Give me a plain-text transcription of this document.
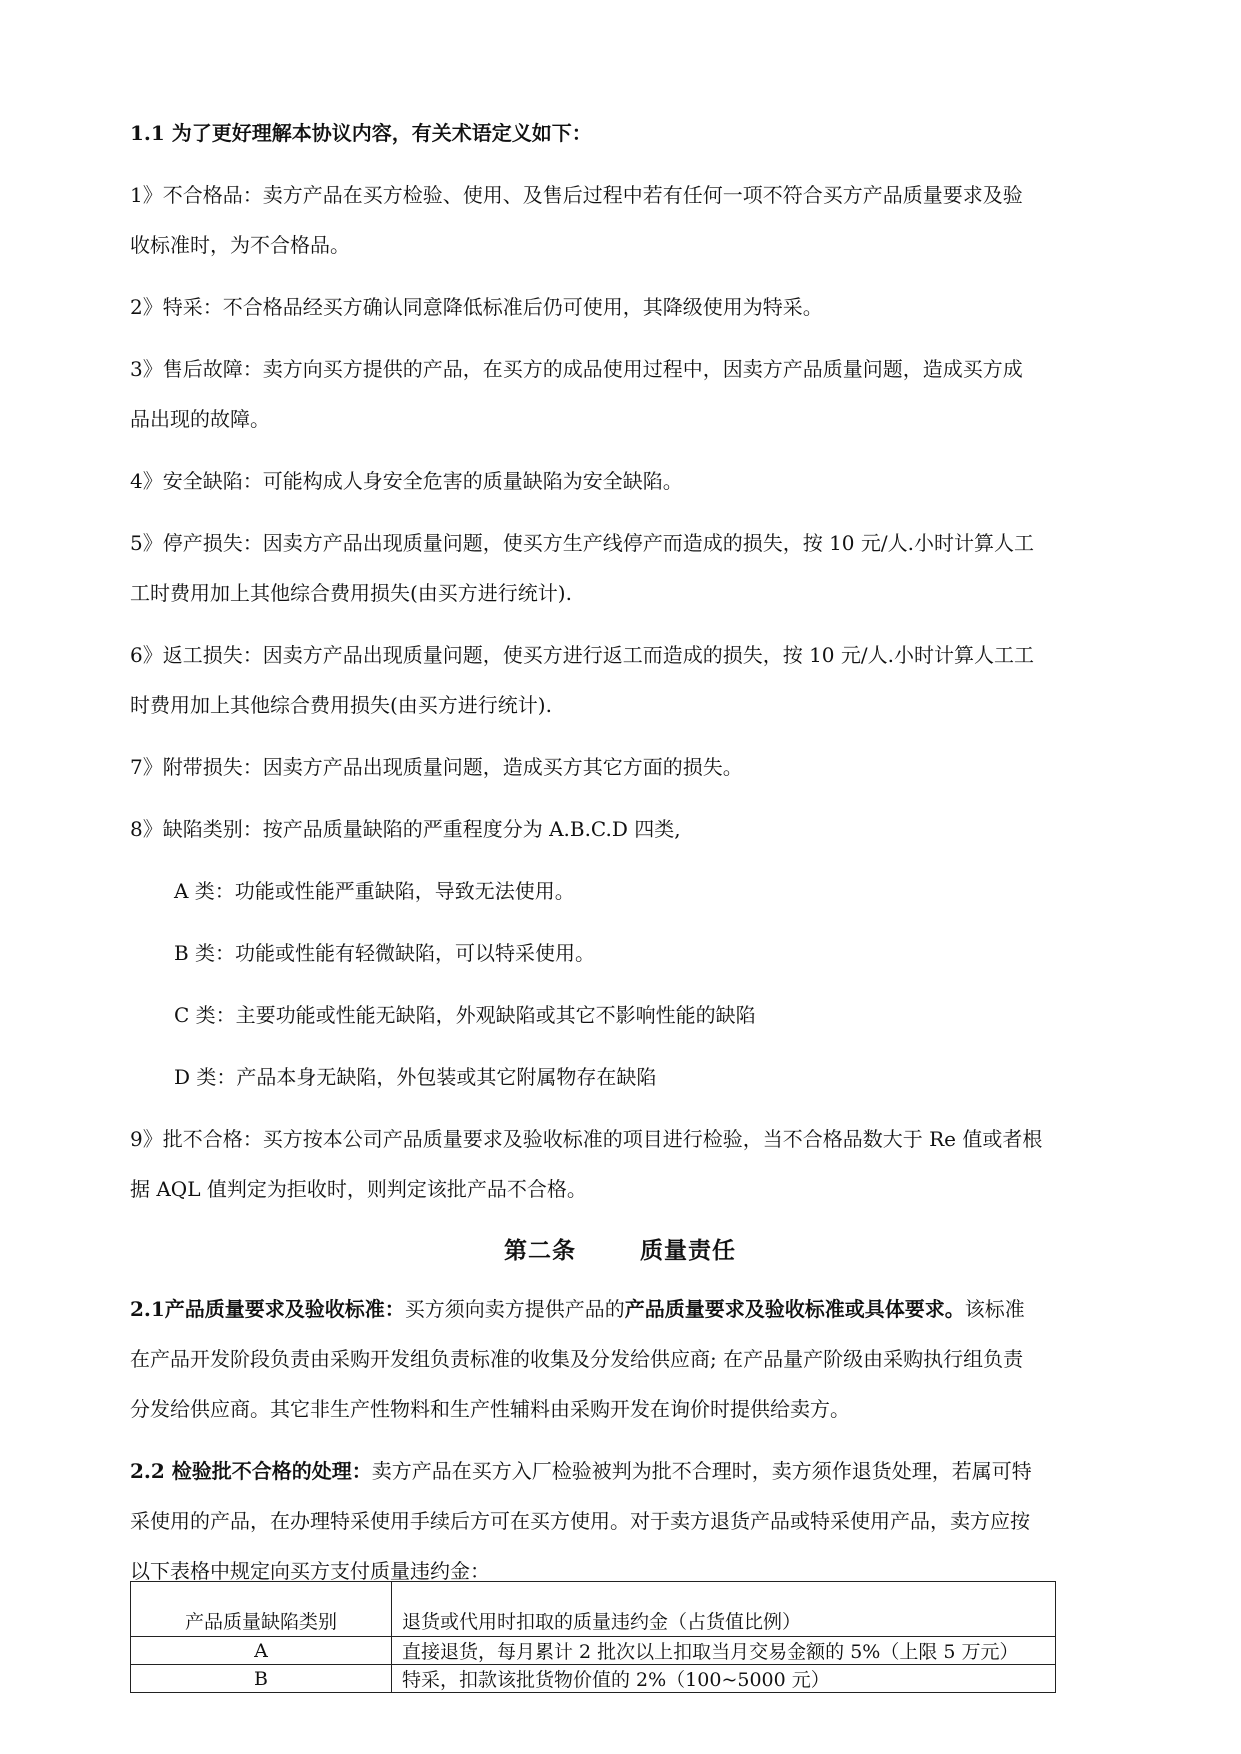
1.1 为了更好理解本协议内容，有关术语定义如下：

1》不合格品：卖方产品在买方检验、使用、及售后过程中若有任何一项不符合买方产品质量要求及验
收标准时，为不合格品。

2》特采：不合格品经买方确认同意降低标准后仍可使用，其降级使用为特采。

3》售后故障：卖方向买方提供的产品，在买方的成品使用过程中，因卖方产品质量问题，造成买方成
品出现的故障。

4》安全缺陷：可能构成人身安全危害的质量缺陷为安全缺陷。

5》停产损失：因卖方产品出现质量问题，使买方生产线停产而造成的损失，按 10 元/人.小时计算人工
工时费用加上其他综合费用损失(由买方进行统计).
6》返工损失：因卖方产品出现质量问题，使买方进行返工而造成的损失，按 10 元/人.小时计算人工工
时费用加上其他综合费用损失(由买方进行统计).

7》附带损失：因卖方产品出现质量问题，造成买方其它方面的损失。

8》缺陷类别：按产品质量缺陷的严重程度分为 A.B.C.D 四类,

A 类：功能或性能严重缺陷，导致无法使用。

B 类：功能或性能有轻微缺陷，可以特采使用。

C 类：主要功能或性能无缺陷，外观缺陷或其它不影响性能的缺陷

D 类：产品本身无缺陷，外包装或其它附属物存在缺陷

9》批不合格：买方按本公司产品质量要求及验收标准的项目进行检验，当不合格品数大于 Re 值或者根
据 AQL 值判定为拒收时，则判定该批产品不合格。
第二条	质量责任
2.1产品质量要求及验收标准：买方须向卖方提供产品的产品质量要求及验收标准或具体要求。该标准
在产品开发阶段负责由采购开发组负责标准的收集及分发给供应商; 在产品量产阶级由采购执行组负责
分发给供应商。其它非生产性物料和生产性辅料由采购开发在询价时提供给卖方。
2.2 检验批不合格的处理：卖方产品在买方入厂检验被判为批不合理时，卖方须作退货处理，若属可特
采使用的产品，在办理特采使用手续后方可在买方使用。对于卖方退货产品或特采使用产品，卖方应按
以下表格中规定向买方支付质量违约金：
产品质量缺陷类别	退货或代用时扣取的质量违约金（占货值比例）
A	直接退货，每月累计 2 批次以上扣取当月交易金额的 5%（上限 5 万元）
B	特采，扣款该批货物价值的 2%（100~5000 元）
